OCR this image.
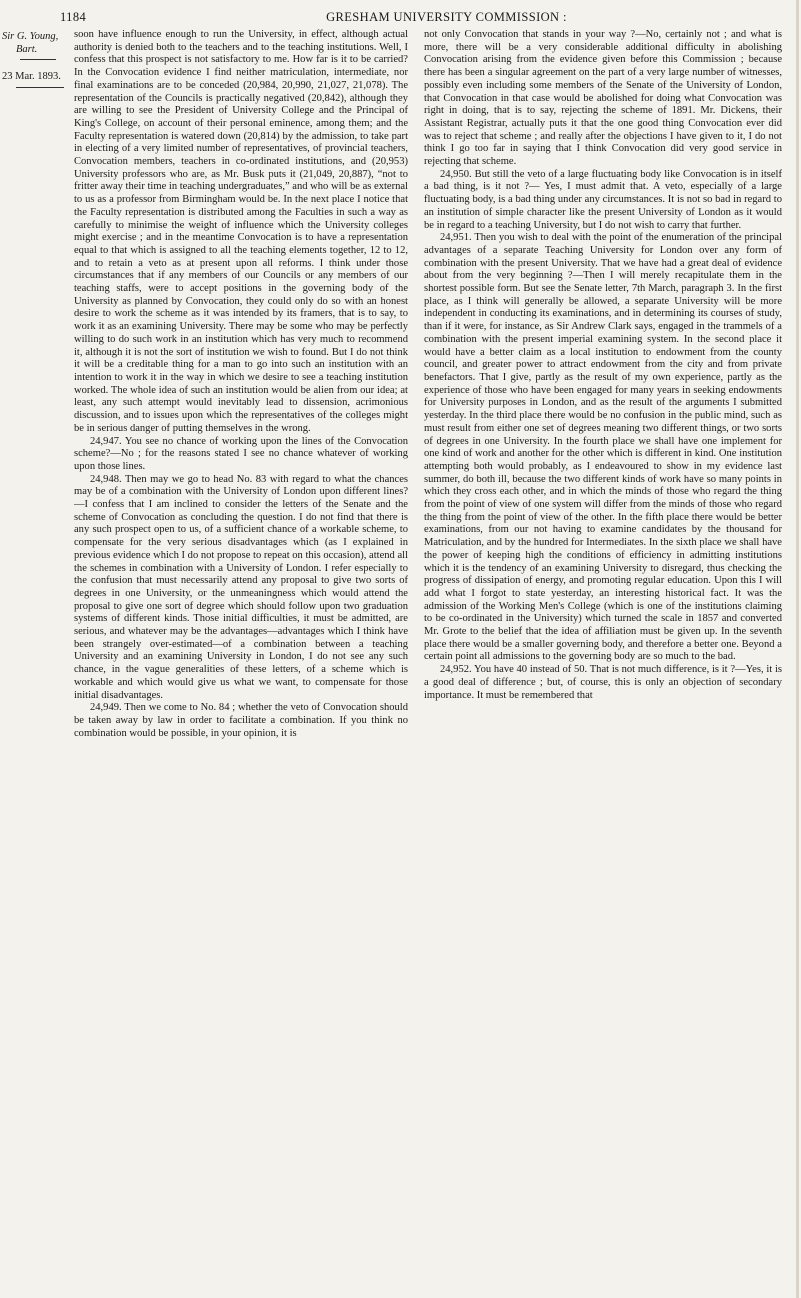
1184	GRESHAM UNIVERSITY COMMISSION :
Sir G. Young,
Bart.
23 Mar. 1893.

soon have influence enough to run the University, in effect, although actual authority is denied both to the teachers and to the teaching institutions. Well, I confess that this prospect is not satisfactory to me. How far is it to be carried? In the Convocation evidence I find neither matriculation, intermediate, nor final examinations are to be conceded (20,984, 20,990, 21,027, 21,078). The representation of the Councils is practically negatived (20,842), although they are willing to see the President of University College and the Principal of King's College, on account of their personal eminence, among them; and the Faculty representation is watered down (20,814) by the admission, to take part in electing of a very limited number of representatives, of provincial teachers, Convocation members, teachers in co-ordinated institutions, and (20,953) University professors who are, as Mr. Busk puts it (21,049, 20,887), “not to fritter away their time in teaching undergraduates,” and who will be as external to us as a professor from Birmingham would be. In the next place I notice that the Faculty representation is distributed among the Faculties in such a way as carefully to minimise the weight of influence which the University colleges might exercise ; and in the meantime Convocation is to have a representation equal to that which is assigned to all the teaching elements together, 12 to 12, and to retain a veto as at present upon all reforms. I think under those circumstances that if any members of our Councils or any members of our teaching staffs, were to accept positions in the governing body of the University as planned by Convocation, they could only do so with an honest desire to work the scheme as it was intended by its framers, that is to say, to work it as an examining University. There may be some who may be perfectly willing to do such work in an institution which has very much to recommend it, although it is not the sort of institution we wish to found. But I do not think it will be a creditable thing for a man to go into such an institution with an intention to work it in the way in which we desire to see a teaching institution worked. The whole idea of such an institution would be alien from our idea; at least, any such attempt would inevitably lead to dissension, acrimonious discussion, and to issues upon which the representatives of the colleges might be in serious danger of putting themselves in the wrong.

24,947. You see no chance of working upon the lines of the Convocation scheme?—No ; for the reasons stated I see no chance whatever of working upon those lines.

24,948. Then may we go to head No. 83 with regard to what the chances may be of a combination with the University of London upon different lines? —I confess that I am inclined to consider the letters of the Senate and the scheme of Convocation as concluding the question. I do not find that there is any such prospect open to us, of a sufficient chance of a workable scheme, to compensate for the very serious disadvantages which (as I explained in previous evidence which I do not propose to repeat on this occasion), attend all the schemes in combination with a University of London. I refer especially to the confusion that must necessarily attend any proposal to give two sorts of degrees in one University, or the unmeaningness which would attend the proposal to give one sort of degree which should follow upon two graduation systems of different kinds. Those initial difficulties, it must be admitted, are serious, and whatever may be the advantages—advantages which I think have been strangely over-estimated—of a combination between a teaching University and an examining University in London, I do not see any such chance, in the vague generalities of these letters, of a scheme which is workable and which would give us what we want, to compensate for those initial disadvantages.

24,949. Then we come to No. 84 ; whether the veto of Convocation should be taken away by law in order to facilitate a combination. If you think no combination would be possible, in your opinion, it is

not only Convocation that stands in your way ?—No, certainly not ; and what is more, there will be a very considerable additional difficulty in abolishing Convocation arising from the evidence given before this Commission ; because there has been a singular agreement on the part of a very large number of witnesses, possibly even including some members of the Senate of the University of London, that Convocation in that case would be abolished for doing what Convocation was right in doing, that is to say, rejecting the scheme of 1891. Mr. Dickens, their Assistant Registrar, actually puts it that the one good thing Convocation ever did was to reject that scheme ; and really after the objections I have given to it, I do not think I go too far in saying that I think Convocation did very good service in rejecting that scheme.

24,950. But still the veto of a large fluctuating body like Convocation is in itself a bad thing, is it not ?— Yes, I must admit that. A veto, especially of a large fluctuating body, is a bad thing under any circumstances. It is not so bad in regard to an institution of simple character like the present University of London as it would be in regard to a teaching University, but I do not wish to carry that further.

24,951. Then you wish to deal with the point of the enumeration of the principal advantages of a separate Teaching University for London over any form of combination with the present University. That we have had a great deal of evidence about from the very beginning ?—Then I will merely recapitulate them in the shortest possible form. But see the Senate letter, 7th March, paragraph 3. In the first place, as I think will generally be allowed, a separate University will be more independent in conducting its examinations, and in determining its courses of study, than if it were, for instance, as Sir Andrew Clark says, engaged in the trammels of a combination with the present imperial examining system. In the second place it would have a better claim as a local institution to endowment from the county council, and greater power to attract endowment from the city and from private benefactors. That I give, partly as the result of my own experience, partly as the experience of those who have been engaged for many years in seeking endowments for University purposes in London, and as the result of the arguments I submitted yesterday. In the third place there would be no confusion in the public mind, such as must result from either one set of degrees meaning two different things, or two sorts of degrees in one University. In the fourth place we shall have one implement for one kind of work and another for the other which is different in kind. One institution attempting both would probably, as I endeavoured to show in my evidence last summer, do both ill, because the two different kinds of work have so many points in which they cross each other, and in which the minds of those who regard the thing from the point of view of one system will differ from the minds of those who regard the thing from the point of view of the other. In the fifth place there would be better examinations, from our not having to examine candidates by the thousand for Matriculation, and by the hundred for Intermediates. In the sixth place we shall have the power of keeping high the conditions of efficiency in admitting institutions which it is the tendency of an examining University to disregard, thus checking the progress of dissipation of energy, and promoting regular education. Upon this I will add what I forgot to state yesterday, an interesting historical fact. It was the admission of the Working Men's College (which is one of the institutions claiming to be co-ordinated in the University) which turned the scale in 1857 and converted Mr. Grote to the belief that the idea of affiliation must be given up. In the seventh place there would be a smaller governing body, and therefore a better one. Beyond a certain point all admissions to the governing body are so much to the bad.

24,952. You have 40 instead of 50. That is not much difference, is it ?—Yes, it is a good deal of difference ; but, of course, this is only an objection of secondary importance. It must be remembered that
